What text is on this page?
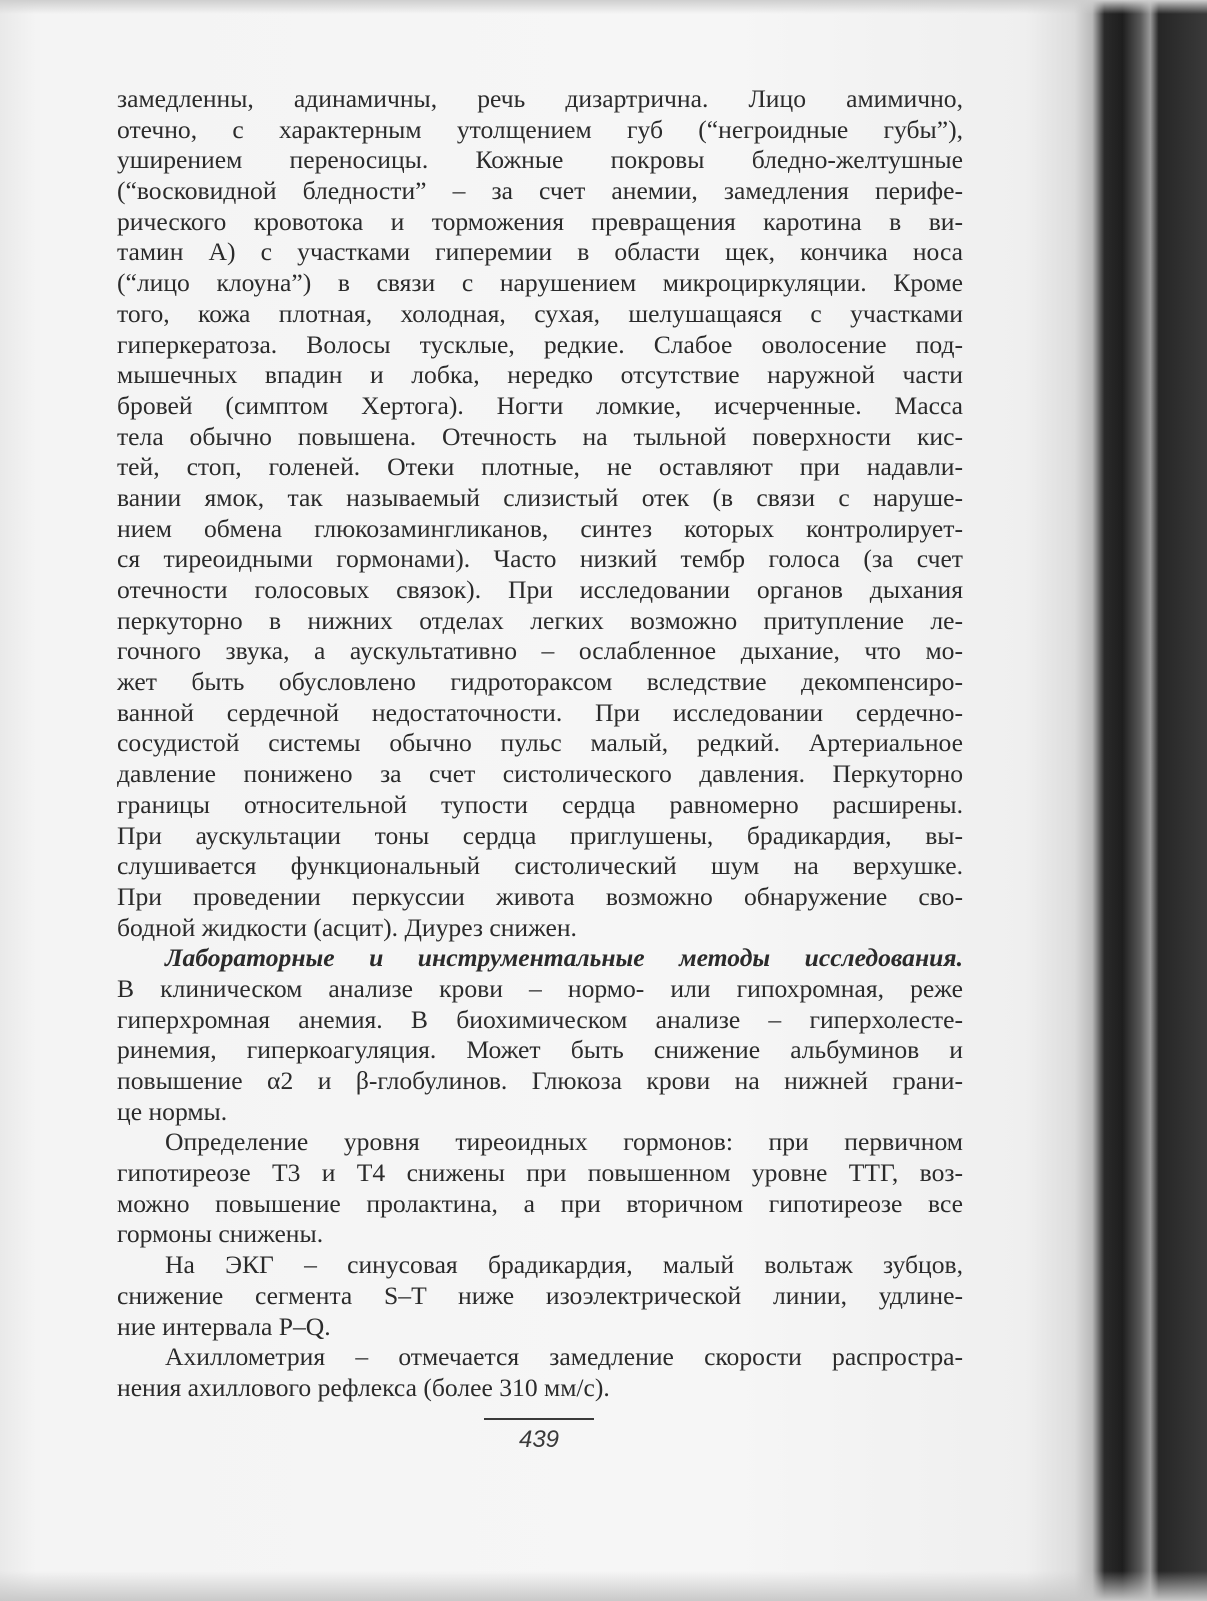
замедленны, адинамичны, речь дизартрична. Лицо амимично,
отечно, с характерным утолщением губ (“негроидные губы”),
уширением переносицы. Кожные покровы бледно-желтушные
(“восковидной бледности” – за счет анемии, замедления перифе-
рического кровотока и торможения превращения каротина в ви-
тамин А) с участками гиперемии в области щек, кончика носа
(“лицо клоуна”) в связи с нарушением микроциркуляции. Кроме
того, кожа плотная, холодная, сухая, шелушащаяся с участками
гиперкератоза. Волосы тусклые, редкие. Слабое оволосение под-
мышечных впадин и лобка, нередко отсутствие наружной части
бровей (симптом Хертога). Ногти ломкие, исчерченные. Масса
тела обычно повышена. Отечность на тыльной поверхности кис-
тей, стоп, голеней. Отеки плотные, не оставляют при надавли-
вании ямок, так называемый слизистый отек (в связи с наруше-
нием обмена глюкозамингликанов, синтез которых контролирует-
ся тиреоидными гормонами). Часто низкий тембр голоса (за счет
отечности голосовых связок). При исследовании органов дыхания
перкуторно в нижних отделах легких возможно притупление ле-
гочного звука, а аускультативно – ослабленное дыхание, что мо-
жет быть обусловлено гидротораксом вследствие декомпенсиро-
ванной сердечной недостаточности. При исследовании сердечно-
сосудистой системы обычно пульс малый, редкий. Артериальное
давление понижено за счет систолического давления. Перкуторно
границы относительной тупости сердца равномерно расширены.
При аускультации тоны сердца приглушены, брадикардия, вы-
слушивается функциональный систолический шум на верхушке.
При проведении перкуссии живота возможно обнаружение сво-
бодной жидкости (асцит). Диурез снижен.
Лабораторные и инструментальные методы исследования.
В клиническом анализе крови – нормо- или гипохромная, реже
гиперхромная анемия. В биохимическом анализе – гиперхолесте-
ринемия, гиперкоагуляция. Может быть снижение альбуминов и
повышение α2 и β-глобулинов. Глюкоза крови на нижней грани-
це нормы.
Определение уровня тиреоидных гормонов: при первичном
гипотиреозе Т3 и Т4 снижены при повышенном уровне ТТГ, воз-
можно повышение пролактина, а при вторичном гипотиреозе все
гормоны снижены.
На ЭКГ – синусовая брадикардия, малый вольтаж зубцов,
снижение сегмента S–T ниже изоэлектрической линии, удлине-
ние интервала P–Q.
Ахиллометрия – отмечается замедление скорости распростра-
нения ахиллового рефлекса (более 310 мм/с).
439
